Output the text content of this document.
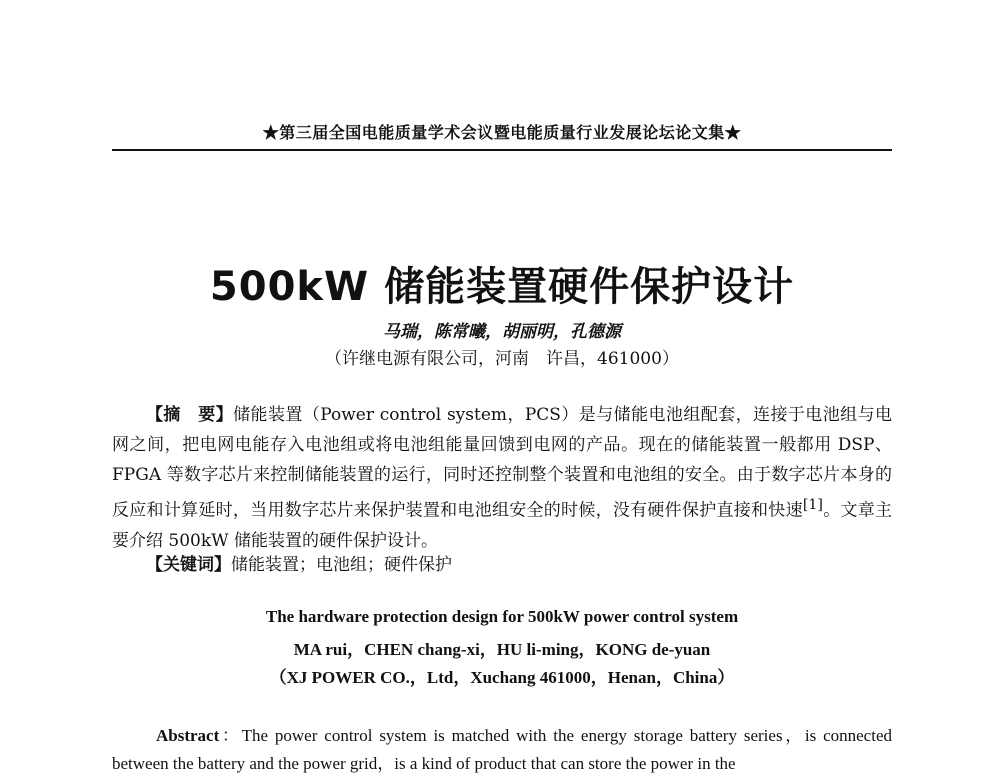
★第三届全国电能质量学术会议暨电能质量行业发展论坛论文集★
500kW 储能装置硬件保护设计
马瑞，陈常曦，胡丽明，孔德源
（许继电源有限公司，河南　许昌，461000）
【摘　要】储能装置（Power control system，PCS）是与储能电池组配套，连接于电池组与电网之间，把电网电能存入电池组或将电池组能量回馈到电网的产品。现在的储能装置一般都用 DSP、FPGA 等数字芯片来控制储能装置的运行，同时还控制整个装置和电池组的安全。由于数字芯片本身的反应和计算延时，当用数字芯片来保护装置和电池组安全的时候，没有硬件保护直接和快速[1]。文章主要介绍 500kW 储能装置的硬件保护设计。
【关键词】储能装置；电池组；硬件保护
The hardware protection design for 500kW power control system
MA rui，CHEN chang-xi，HU li-ming，KONG de-yuan
（XJ POWER CO.，Ltd，Xuchang 461000，Henan，China）
Abstract：The power control system is matched with the energy storage battery series，is connected between the battery and the power grid，is a kind of product that can store the power in the
